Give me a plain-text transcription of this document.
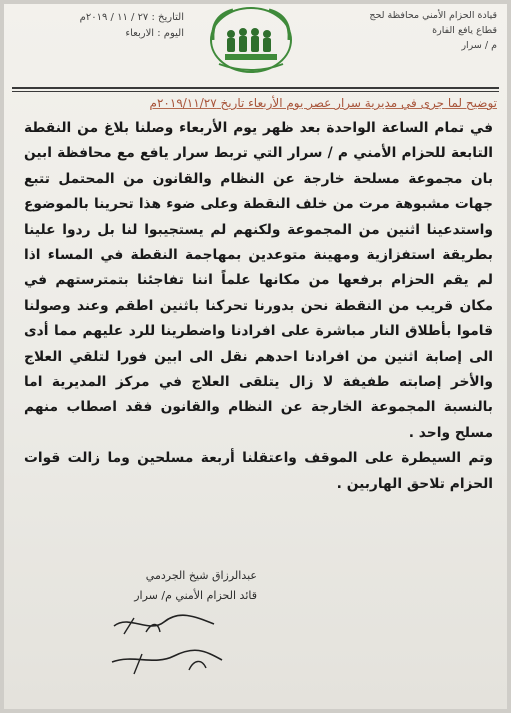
قيادة الحزام الأمني محافظة لحج
قطاع يافع الفارة
م / سرار
التاريخ : ٢٧ / ١١ / ٢٠١٩م
اليوم : الاربعاء
توضيح لما جرى في مديرية سرار عصر يوم الأربعاء تاريخ ٢٠١٩/١١/٢٧م

في تمام الساعة الواحدة بعد ظهر يوم الأربعاء وصلنا بلاغ من النقطة التابعة للحزام الأمني م / سرار التي تربط سرار يافع مع محافظة ابين بان مجموعة مسلحة خارجة عن النظام والقانون من المحتمل تتبع جهات مشبوهة مرت من خلف النقطة وعلى ضوء هذا تحرينا بالموضوع واستدعينا اثنين من المجموعة ولكنهم لم يستجيبوا لنا بل ردوا علينا بطريقة استفزازية ومهينة متوعدين بمهاجمة النقطة في المساء اذا لم يقم الحزام برفعها من مكانها علماً اننا تفاجئنا بتمترستهم في مكان قريب من النقطة نحن بدورنا تحركنا باثنين اطقم وعند وصولنا قاموا بأطلاق النار مباشرة على افرادنا واضطرينا للرد عليهم مما أدى الى إصابة اثنين من افرادنا احدهم نقل الى ابين فورا لتلقي العلاج والأخر إصابته طفيفة لا زال يتلقى العلاج في مركز المديرية اما بالنسبة المجموعة الخارجة عن النظام والقانون فقد اصطاب منهم مسلح واحد .

وتم السيطرة على الموقف واعتقلنا أربعة مسلحين وما زالت قوات الحزام تلاحق الهاربين .

عبدالرزاق شيخ الجردمي
قائد الحزام الأمني م/ سرار
